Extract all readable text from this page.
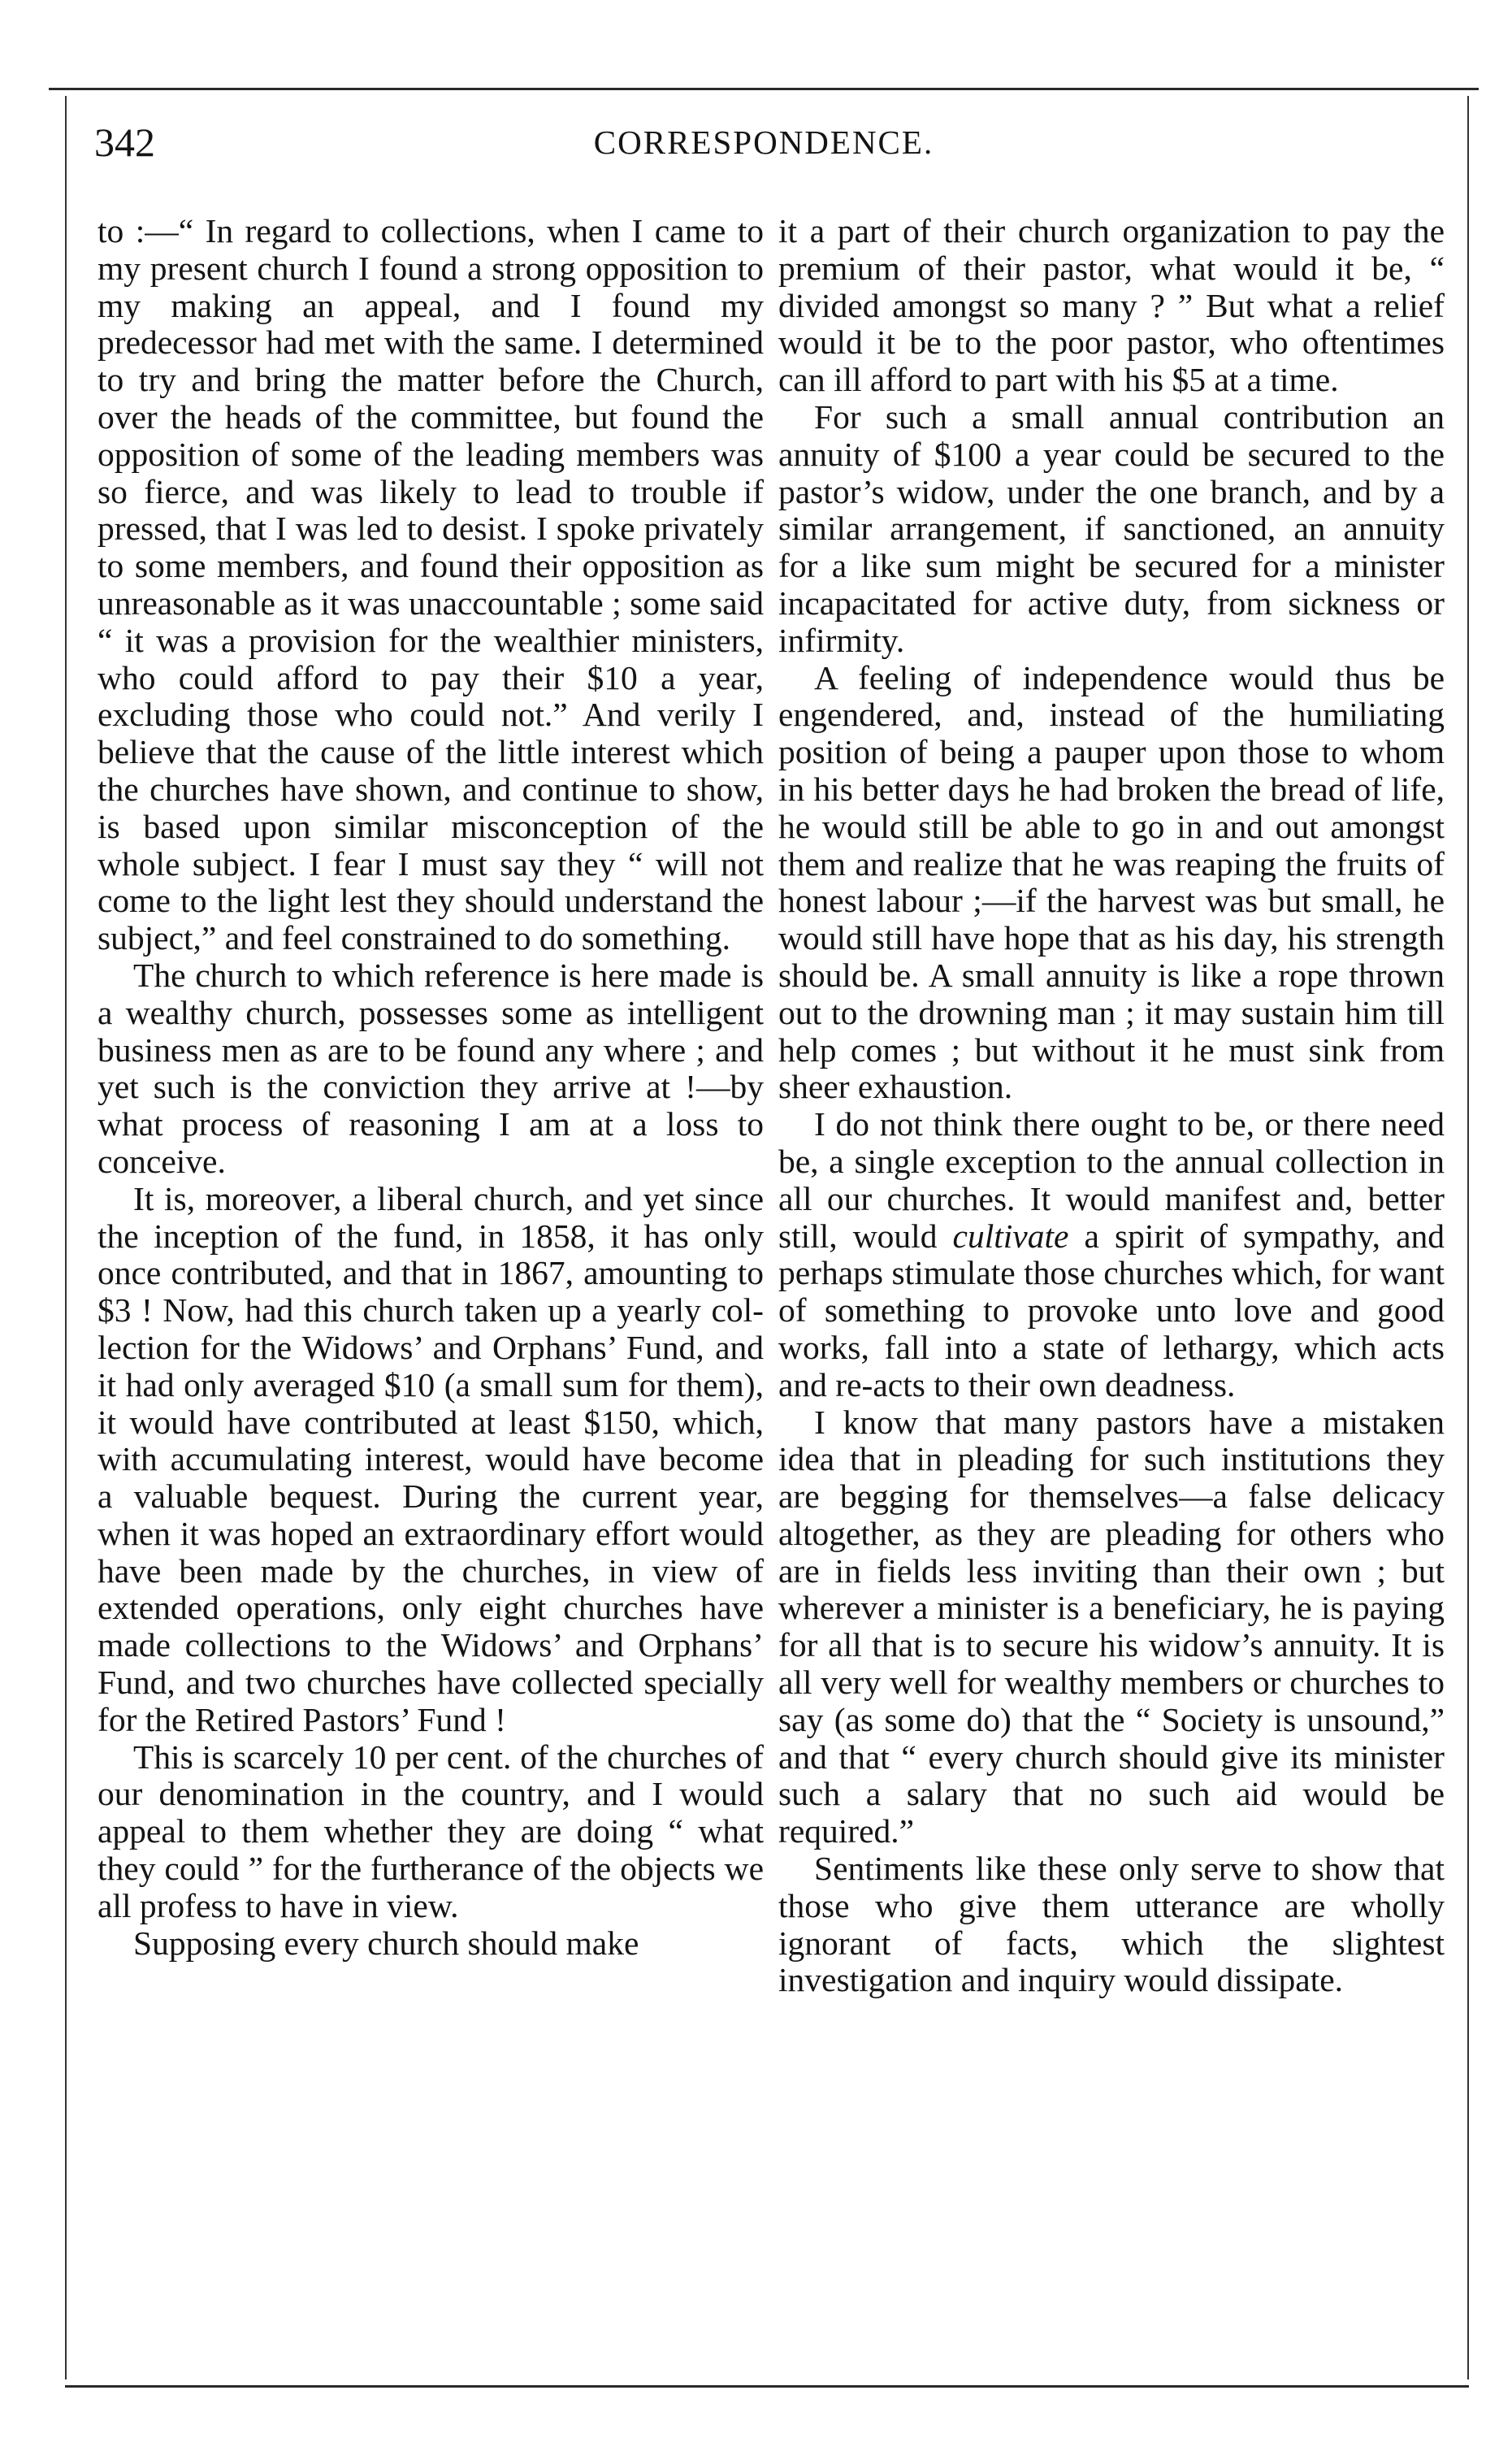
342	CORRESPONDENCE.

to :—“ In regard to collections, when I came to my present church I found a strong opposition to my making an appeal, and I found my predecessor had met with the same. I determined to try and bring the matter before the Church, over the heads of the committee, but found the opposition of some of the leading members was so fierce, and was likely to lead to trouble if pressed, that I was led to desist. I spoke privately to some members, and found their opposition as unreasonable as it was unaccountable ; some said “ it was a provision for the wealthier ministers, who could afford to pay their $10 a year, excluding those who could not.” And verily I believe that the cause of the little interest which the churches have shown, and continue to show, is based upon similar misconception of the whole subject. I fear I must say they “ will not come to the light lest they should understand the subject,” and feel constrained to do something.

The church to which reference is here made is a wealthy church, possesses some as intelligent business men as are to be found any where ; and yet such is the conviction they arrive at !—by what process of reasoning I am at a loss to conceive.

It is, moreover, a liberal church, and yet since the inception of the fund, in 1858, it has only once contributed, and that in 1867, amounting to $3 ! Now, had this church taken up a yearly collection for the Widows’ and Orphans’ Fund, and it had only averaged $10 (a small sum for them), it would have contributed at least $150, which, with accumulating interest, would have become a valuable bequest. During the current year, when it was hoped an extraordinary effort would have been made by the churches, in view of extended operations, only eight churches have made collections to the Widows’ and Orphans’ Fund, and two churches have collected specially for the Retired Pastors’ Fund !

This is scarcely 10 per cent. of the churches of our denomination in the country, and I would appeal to them whether they are doing “ what they could ” for the furtherance of the objects we all profess to have in view.

Supposing every church should make

it a part of their church organization to pay the premium of their pastor, what would it be, “ divided amongst so many ? ” But what a relief would it be to the poor pastor, who oftentimes can ill afford to part with his $5 at a time.

For such a small annual contribution an annuity of $100 a year could be secured to the pastor’s widow, under the one branch, and by a similar arrangement, if sanctioned, an annuity for a like sum might be secured for a minister incapacitated for active duty, from sickness or infirmity.

A feeling of independence would thus be engendered, and, instead of the humiliating position of being a pauper upon those to whom in his better days he had broken the bread of life, he would still be able to go in and out amongst them and realize that he was reaping the fruits of honest labour ;—if the harvest was but small, he would still have hope that as his day, his strength should be. A small annuity is like a rope thrown out to the drowning man ; it may sustain him till help comes ; but without it he must sink from sheer exhaustion.

I do not think there ought to be, or there need be, a single exception to the annual collection in all our churches. It would manifest and, better still, would cultivate a spirit of sympathy, and perhaps stimulate those churches which, for want of something to provoke unto love and good works, fall into a state of lethargy, which acts and re-acts to their own deadness.

I know that many pastors have a mistaken idea that in pleading for such institutions they are begging for themselves—a false delicacy altogether, as they are pleading for others who are in fields less inviting than their own ; but wherever a minister is a beneficiary, he is paying for all that is to secure his widow’s annuity. It is all very well for wealthy members or churches to say (as some do) that the “ Society is unsound,” and that “ every church should give its minister such a salary that no such aid would be required.”

Sentiments like these only serve to show that those who give them utterance are wholly ignorant of facts, which the slightest investigation and inquiry would dissipate.
